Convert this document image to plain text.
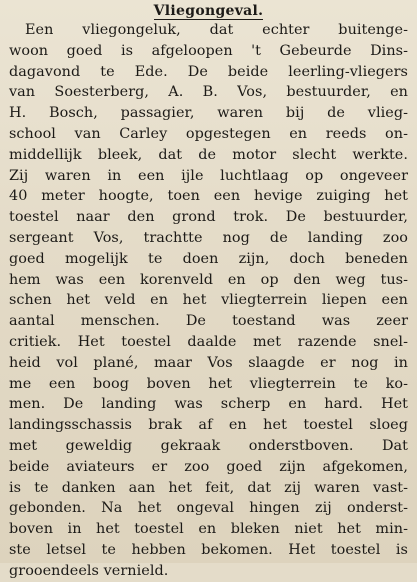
Vliegongeval.
Een vliegongeluk, dat echter buitenge-
woon goed is afgeloopen 't Gebeurde Dins-
dagavond te Ede. De beide leerling-vliegers
van Soesterberg, A. B. Vos, bestuurder, en
H. Bosch, passagier, waren bij de vlieg-
school van Carley opgestegen en reeds on-
middellijk bleek, dat de motor slecht werkte.
Zij waren in een ijle luchtlaag op ongeveer
40 meter hoogte, toen een hevige zuiging het
toestel naar den grond trok. De bestuurder,
sergeant Vos, trachtte nog de landing zoo
goed mogelijk te doen zijn, doch beneden
hem was een korenveld en op den weg tus-
schen het veld en het vliegterrein liepen een
aantal menschen. De toestand was zeer
critiek. Het toestel daalde met razende snel-
heid vol plané, maar Vos slaagde er nog in
me een boog boven het vliegterrein te ko-
men. De landing was scherp en hard. Het
landingsschassis brak af en het toestel sloeg
met geweldig gekraak onderstboven. Dat
beide aviateurs er zoo goed zijn afgekomen,
is te danken aan het feit, dat zij waren vast-
gebonden. Na het ongeval hingen zij onderst-
boven in het toestel en bleken niet het min-
ste letsel te hebben bekomen. Het toestel is
grooendeels vernield.
